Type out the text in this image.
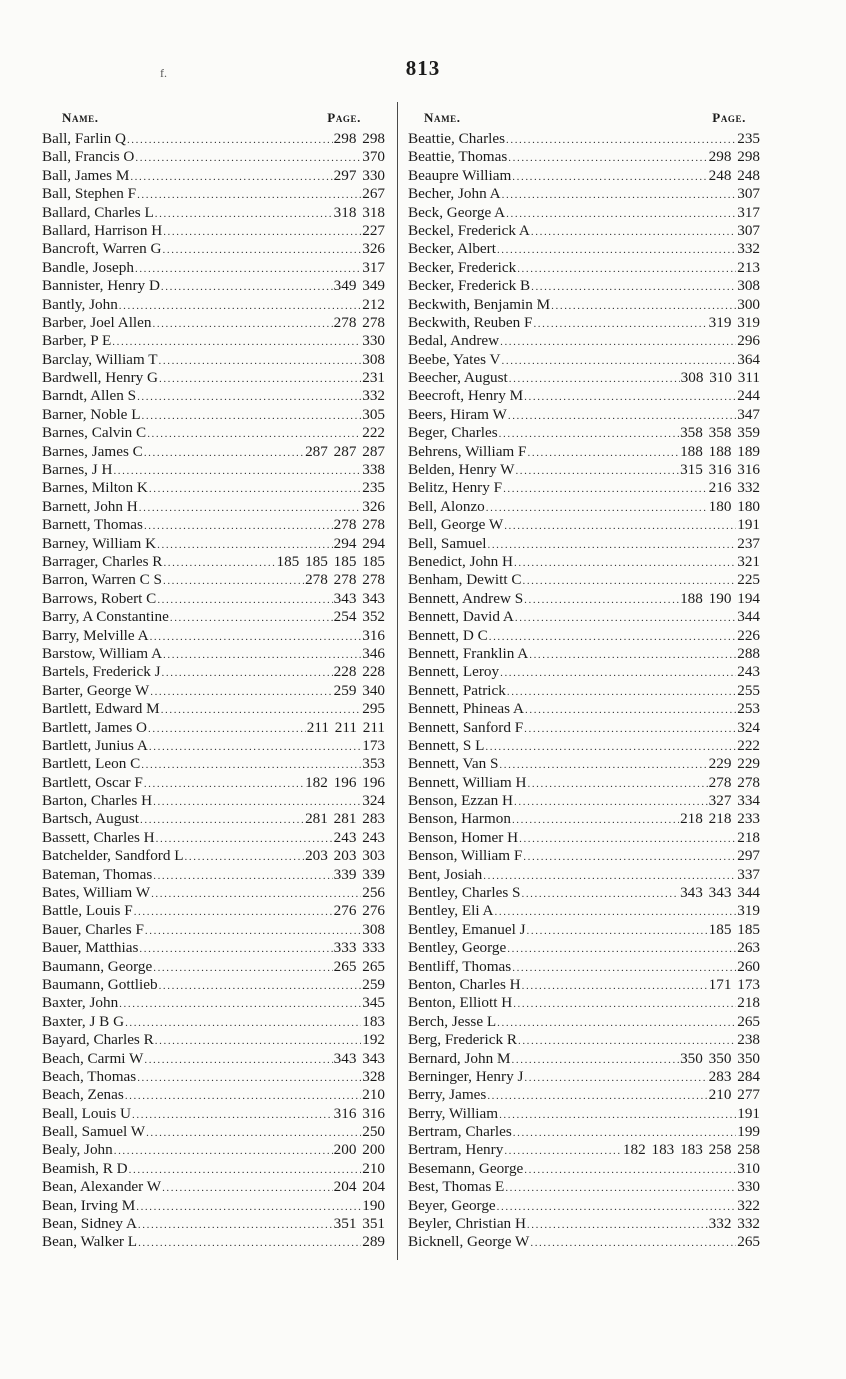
813
f.
Name.	Page.
Ball, Farlin Q .....	298 298
Ball, Francis O .....	370
Ball, James M .....	297 330
Ball, Stephen F .....	267
Ballard, Charles L .....	318 318
Ballard, Harrison H .....	227
Bancroft, Warren G .....	326
Bandle, Joseph .....	317
Bannister, Henry D .....	349 349
Bantly, John .....	212
Barber, Joel Allen .....	278 278
Barber, P E .....	330
Barclay, William T .....	308
Bardwell, Henry G .....	231
Barndt, Allen S .....	332
Barner, Noble L .....	305
Barnes, Calvin C .....	222
Barnes, James C .....	287 287 287
Barnes, J H .....	338
Barnes, Milton K .....	235
Barnett, John H .....	326
Barnett, Thomas .....	278 278
Barney, William K .....	294 294
Barrager, Charles R .....	185 185 185 185
Barron, Warren C S .....	278 278 278
Barrows, Robert C .....	343 343
Barry, A Constantine .....	254 352
Barry, Melville A .....	316
Barstow, William A .....	346
Bartels, Frederick J .....	228 228
Barter, George W .....	259 340
Bartlett, Edward M .....	295
Bartlett, James O .....	211 211 211
Bartlett, Junius A .....	173
Bartlett, Leon C .....	353
Bartlett, Oscar F .....	182 196 196
Barton, Charles H .....	324
Bartsch, August .....	281 281 283
Bassett, Charles H .....	243 243
Batchelder, Sandford L .....	203 203 303
Bateman, Thomas .....	339 339
Bates, William W .....	256
Battle, Louis F .....	276 276
Bauer, Charles F .....	308
Bauer, Matthias .....	333 333
Baumann, George .....	265 265
Baumann, Gottlieb .....	259
Baxter, John .....	345
Baxter, J B G .....	183
Bayard, Charles R .....	192
Beach, Carmi W .....	343 343
Beach, Thomas .....	328
Beach, Zenas .....	210
Beall, Louis U .....	316 316
Beall, Samuel W .....	250
Bealy, John .....	200 200
Beamish, R D .....	210
Bean, Alexander W .....	204 204
Bean, Irving M .....	190
Bean, Sidney A .....	351 351
Bean, Walker L .....	289
Name.	Page.
Beattie, Charles .....	235
Beattie, Thomas .....	298 298
Beaupre William .....	248 248
Becher, John A .....	307
Beck, George A .....	317
Beckel, Frederick A .....	307
Becker, Albert .....	332
Becker, Frederick .....	213
Becker, Frederick B .....	308
Beckwith, Benjamin M .....	300
Beckwith, Reuben F .....	319 319
Bedal, Andrew .....	296
Beebe, Yates V .....	364
Beecher, August .....	308 310 311
Beecroft, Henry M .....	244
Beers, Hiram W .....	347
Beger, Charles .....	358 358 359
Behrens, William F .....	188 188 189
Belden, Henry W .....	315 316 316
Belitz, Henry F .....	216 332
Bell, Alonzo .....	180 180
Bell, George W .....	191
Bell, Samuel .....	237
Benedict, John H .....	321
Benham, Dewitt C .....	225
Bennett, Andrew S .....	188 190 194
Bennett, David A .....	344
Bennett, D C .....	226
Bennett, Franklin A .....	288
Bennett, Leroy .....	243
Bennett, Patrick .....	255
Bennett, Phineas A .....	253
Bennett, Sanford F .....	324
Bennett, S L .....	222
Bennett, Van S .....	229 229
Bennett, William H .....	278 278
Benson, Ezzan H .....	327 334
Benson, Harmon .....	218 218 233
Benson, Homer H .....	218
Benson, William F .....	297
Bent, Josiah .....	337
Bentley, Charles S .....	343 343 344
Bentley, Eli A .....	319
Bentley, Emanuel J .....	185 185
Bentley, George .....	263
Bentliff, Thomas .....	260
Benton, Charles H .....	171 173
Benton, Elliott H .....	218
Berch, Jesse L .....	265
Berg, Frederick R .....	238
Bernard, John M .....	350 350 350
Berninger, Henry J .....	283 284
Berry, James .....	210 277
Berry, William .....	191
Bertram, Charles .....	199
Bertram, Henry .....	182 183 183 258 258
Besemann, George .....	310
Best, Thomas E .....	330
Beyer, George .....	322
Beyler, Christian H .....	332 332
Bicknell, George W .....	265
